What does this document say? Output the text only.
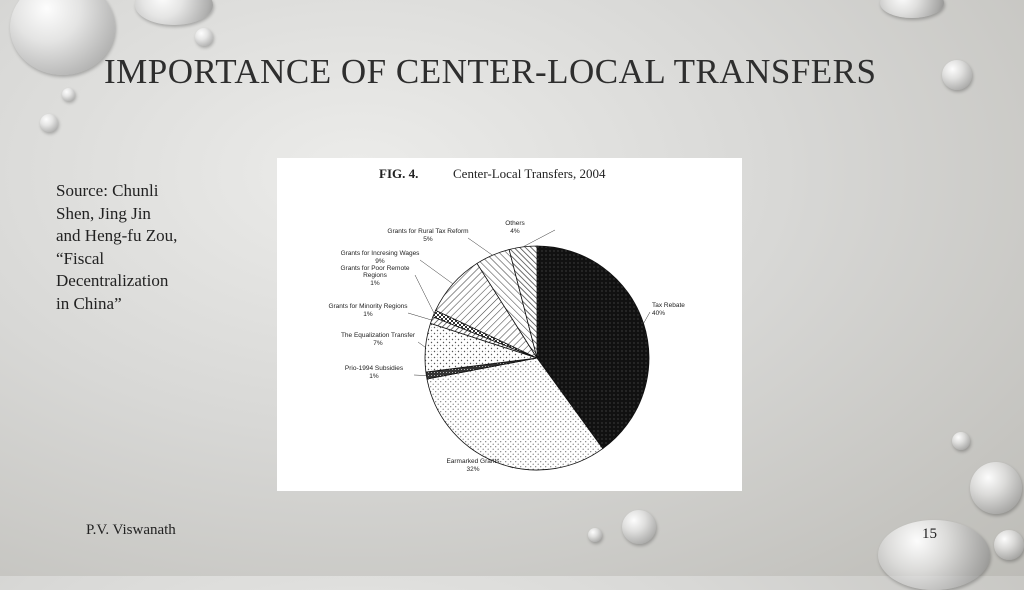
IMPORTANCE OF CENTER-LOCAL TRANSFERS
Source: Chunli
Shen, Jing Jin
and Heng-fu Zou,
“Fiscal
Decentralization
in China”
FIG. 4.	Center-Local Transfers, 2004
Tax Rebate
40%
Earmarked Grants
32%
Prio-1994 Subsidies
1%
The Equalization Transfer
7%
Grants for Minority Regions
1%
Grants for Poor Remote
Regions
1%
Grants for Incresing Wages
9%
Grants for Rural Tax Reform
5%
Others
4%
P.V. Viswanath	15
